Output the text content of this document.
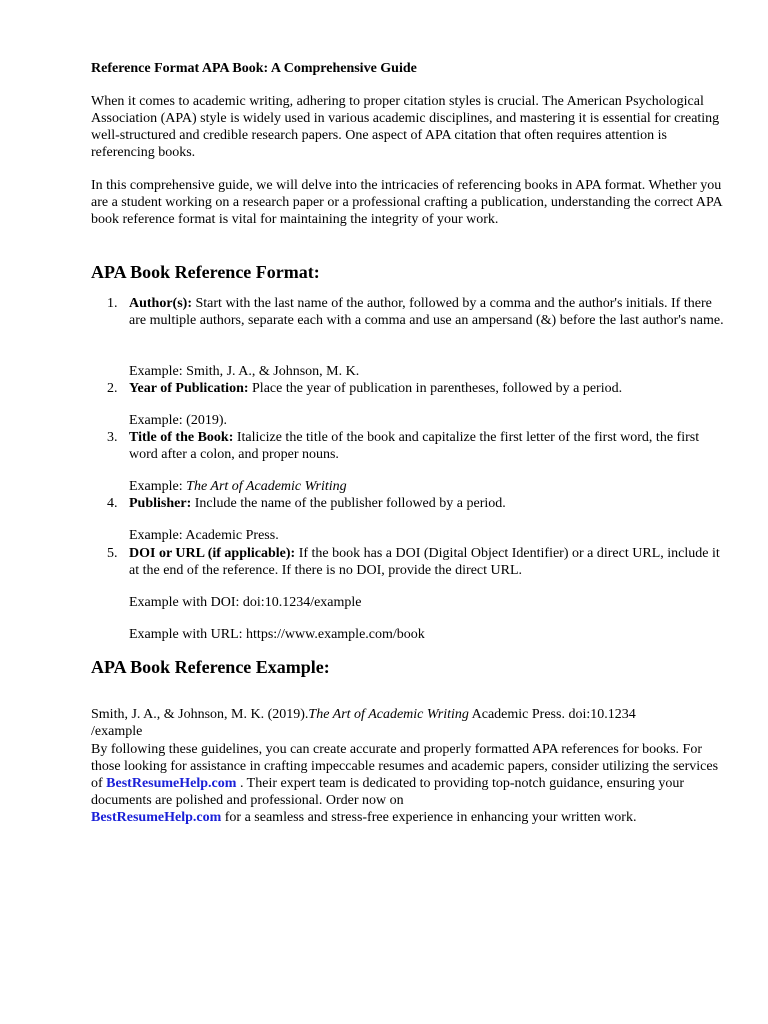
Reference Format APA Book: A Comprehensive Guide

When it comes to academic writing, adhering to proper citation styles is crucial. The American Psychological Association (APA) style is widely used in various academic disciplines, and mastering it is essential for creating well-structured and credible research papers. One aspect of APA citation that often requires attention is referencing books.

In this comprehensive guide, we will delve into the intricacies of referencing books in APA format. Whether you are a student working on a research paper or a professional crafting a publication, understanding the correct APA book reference format is vital for maintaining the integrity of your work.

APA Book Reference Format:
1. Author(s): Start with the last name of the author, followed by a comma and the author's initials. If there are multiple authors, separate each with a comma and use an ampersand (&) before the last author's name.
Example: Smith, J. A., & Johnson, M. K.
2. Year of Publication: Place the year of publication in parentheses, followed by a period.
Example: (2019).
3. Title of the Book: Italicize the title of the book and capitalize the first letter of the first word, the first word after a colon, and proper nouns.
Example: The Art of Academic Writing
4. Publisher: Include the name of the publisher followed by a period.
Example: Academic Press.
5. DOI or URL (if applicable): If the book has a DOI (Digital Object Identifier) or a direct URL, include it at the end of the reference. If there is no DOI, provide the direct URL.
Example with DOI: doi:10.1234/example
Example with URL: https://www.example.com/book
APA Book Reference Example:

Smith, J. A., & Johnson, M. K. (2019).The Art of Academic Writing Academic Press. doi:10.1234
/example

By following these guidelines, you can create accurate and properly formatted APA references for books. For those looking for assistance in crafting impeccable resumes and academic papers, consider utilizing the services of BestResumeHelp.com . Their expert team is dedicated to providing top-notch guidance, ensuring your documents are polished and professional. Order now on
BestResumeHelp.com for a seamless and stress-free experience in enhancing your written work.
